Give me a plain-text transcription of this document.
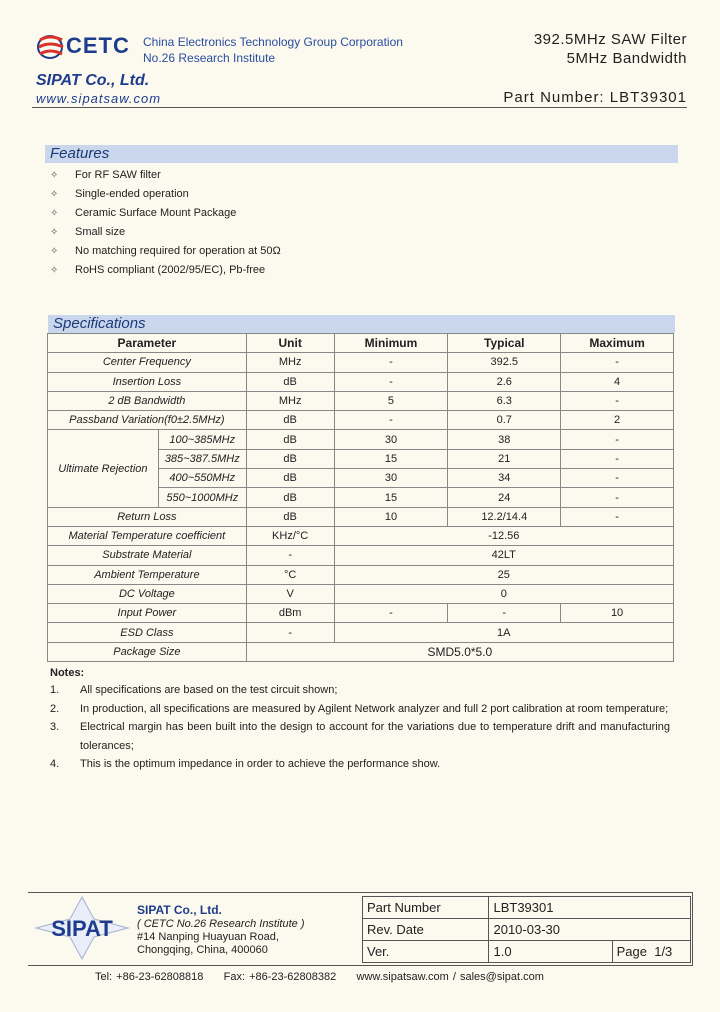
CETC China Electronics Technology Group Corporation
No.26 Research Institute
SIPAT Co., Ltd.
www.sipatsaw.com
392.5MHz SAW Filter
5MHz Bandwidth
Part Number: LBT39301
Features
✧ For RF SAW filter
✧ Single-ended operation
✧ Ceramic Surface Mount Package
✧ Small size
✧ No matching required for operation at 50Ω
✧ RoHS compliant (2002/95/EC), Pb-free
Specifications
Parameter		Unit	Minimum	Typical	Maximum
Center Frequency		MHz	-	392.5	-
Insertion Loss		dB	-	2.6	4
2 dB Bandwidth		MHz	5	6.3	-
Passband Variation(f0±2.5MHz)		dB	-	0.7	2
Ultimate Rejection	100~385MHz	dB	30	38	-
	385~387.5MHz	dB	15	21	-
	400~550MHz	dB	30	34	-
	550~1000MHz	dB	15	24	-
Return Loss		dB	10	12.2/14.4	-
Material Temperature coefficient		KHz/°C	-12.56		
Substrate Material		-	42LT		
Ambient Temperature		°C	25		
DC Voltage		V	0		
Input Power		dBm	-	-	10
ESD Class		-	1A		
Package Size		SMD5.0*5.0			
Notes:
1.	All specifications are based on the test circuit shown;
2.	In production, all specifications are measured by Agilent Network analyzer and full 2 port calibration at room temperature;
3.	Electrical margin has been built into the design to account for the variations due to temperature drift and manufacturing tolerances;
4.	This is the optimum impedance in order to achieve the performance show.
SIPAT
SIPAT Co., Ltd.
( CETC No.26 Research Institute )
#14 Nanping Huayuan Road,
Chongqing, China, 400060
Part Number	LBT39301	
Rev. Date	2010-03-30	
Ver.	1.0	Page 1/3
Tel: +86-23-62808818     Fax: +86-23-62808382     www.sipatsaw.com / sales@sipat.com
